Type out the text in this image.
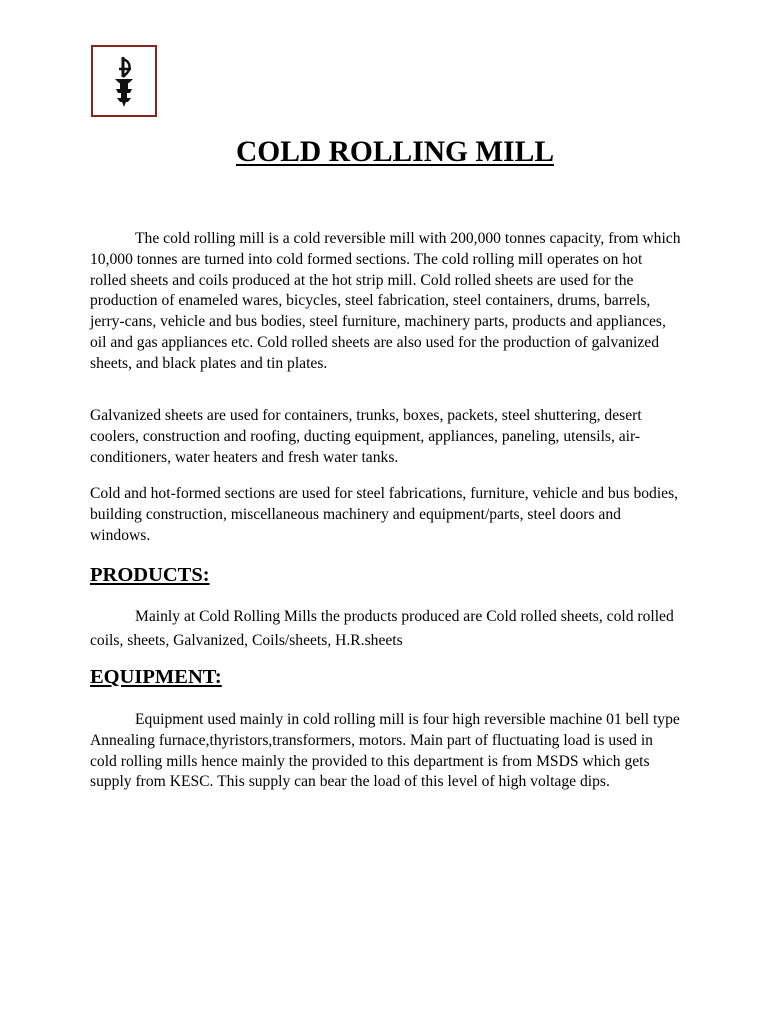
COLD ROLLING MILL

The cold rolling mill is a cold reversible mill with 200,000 tonnes capacity, from which 10,000 tonnes are turned into cold formed sections. The cold rolling mill operates on hot rolled sheets and coils produced at the hot strip mill. Cold rolled sheets are used for the production of enameled wares, bicycles, steel fabrication, steel containers, drums, barrels, jerry-cans, vehicle and bus bodies, steel furniture, machinery parts, products and appliances, oil and gas appliances etc. Cold rolled sheets are also used for the production of galvanized sheets, and black plates and tin plates.

Galvanized sheets are used for containers, trunks, boxes, packets, steel shuttering, desert coolers, construction and roofing, ducting equipment, appliances, paneling, utensils, air-conditioners, water heaters and fresh water tanks.

Cold and hot-formed sections are used for steel fabrications, furniture, vehicle and bus bodies, building construction, miscellaneous machinery and equipment/parts, steel doors and windows.

PRODUCTS:

Mainly at Cold Rolling Mills the products produced are Cold rolled sheets, cold rolled coils, sheets, Galvanized, Coils/sheets, H.R.sheets

EQUIPMENT:

Equipment used mainly in cold rolling mill is four high reversible machine 01 bell type Annealing furnace,thyristors,transformers, motors. Main part of fluctuating load is used in cold rolling mills hence mainly the provided to this department is from MSDS which gets supply from KESC. This supply can bear the load of this level of high voltage dips.
